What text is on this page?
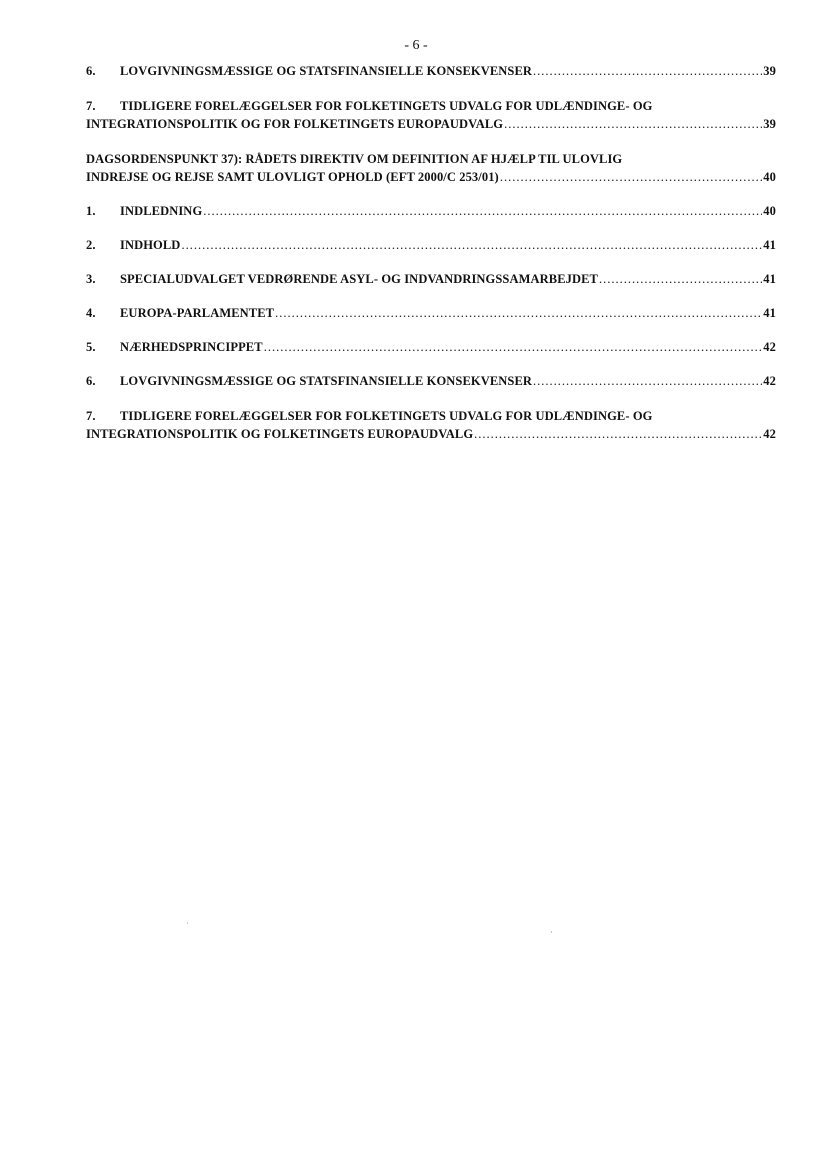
- 6 -
6.	LOVGIVNINGSMÆSSIGE OG STATSFINANSIELLE KONSEKVENSER .....	39
7.	TIDLIGERE FORELÆGGELSER FOR FOLKETINGETS UDVALG FOR UDLÆNDINGE- OG
INTEGRATIONSPOLITIK OG FOR FOLKETINGETS EUROPAUDVALG .....	39
DAGSORDENSPUNKT 37): RÅDETS DIREKTIV OM DEFINITION AF HJÆLP TIL ULOVLIG
INDREJSE OG REJSE SAMT ULOVLIGT OPHOLD (EFT 2000/C 253/01) .....	40
1.	INDLEDNING .....	40
2.	INDHOLD .....	41
3.	SPECIALUDVALGET VEDRØRENDE ASYL- OG INDVANDRINGSSAMARBEJDET .....	41
4.	EUROPA-PARLAMENTET .....	41
5.	NÆRHEDSPRINCIPPET .....	42
6.	LOVGIVNINGSMÆSSIGE OG STATSFINANSIELLE KONSEKVENSER .....	42
7.	TIDLIGERE FORELÆGGELSER FOR FOLKETINGETS UDVALG FOR UDLÆNDINGE- OG
INTEGRATIONSPOLITIK OG FOLKETINGETS EUROPAUDVALG .....	42
⸒
·
